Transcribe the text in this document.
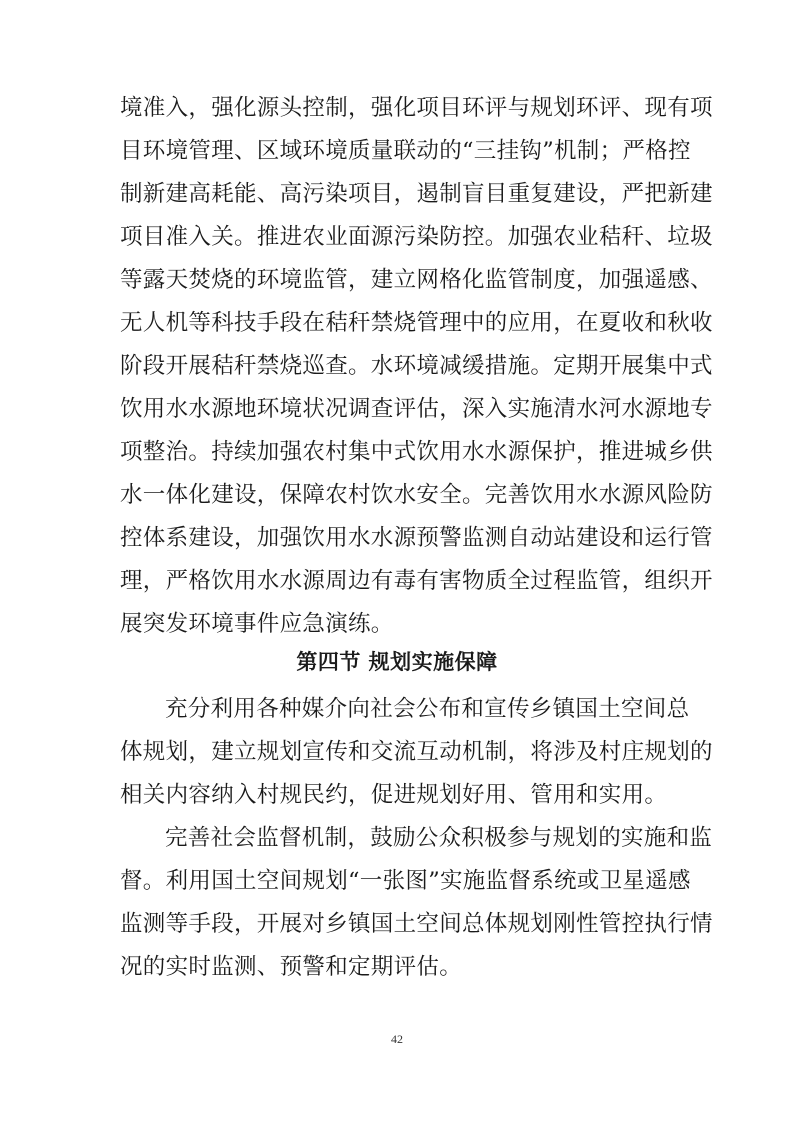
境准入，强化源头控制，强化项目环评与规划环评、现有项
目环境管理、区域环境质量联动的“三挂钩”机制；严格控
制新建高耗能、高污染项目，遏制盲目重复建设，严把新建
项目准入关。推进农业面源污染防控。加强农业秸秆、垃圾
等露天焚烧的环境监管，建立网格化监管制度，加强遥感、
无人机等科技手段在秸秆禁烧管理中的应用，在夏收和秋收
阶段开展秸秆禁烧巡查。水环境减缓措施。定期开展集中式
饮用水水源地环境状况调查评估，深入实施清水河水源地专
项整治。持续加强农村集中式饮用水水源保护，推进城乡供
水一体化建设，保障农村饮水安全。完善饮用水水源风险防
控体系建设，加强饮用水水源预警监测自动站建设和运行管
理，严格饮用水水源周边有毒有害物质全过程监管，组织开
展突发环境事件应急演练。
第四节 规划实施保障
充分利用各种媒介向社会公布和宣传乡镇国土空间总
体规划，建立规划宣传和交流互动机制，将涉及村庄规划的
相关内容纳入村规民约，促进规划好用、管用和实用。
完善社会监督机制，鼓励公众积极参与规划的实施和监
督。利用国土空间规划“一张图”实施监督系统或卫星遥感
监测等手段，开展对乡镇国土空间总体规划刚性管控执行情
况的实时监测、预警和定期评估。
42
